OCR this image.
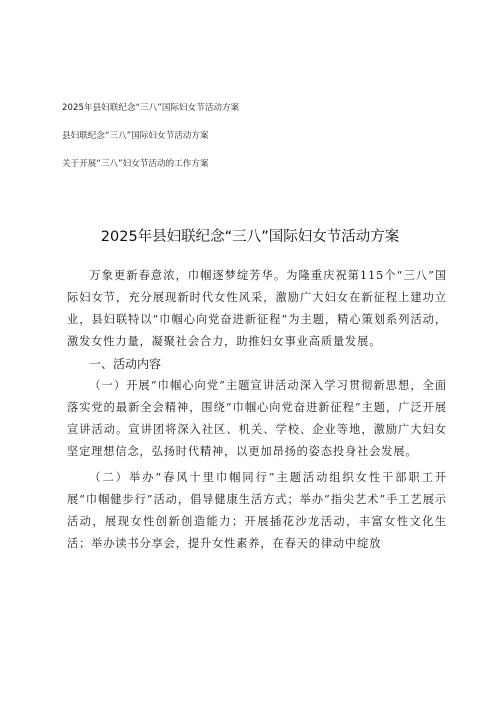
2025年县妇联纪念“三八”国际妇女节活动方案
县妇联纪念“三八”国际妇女节活动方案
关于开展“三八”妇女节活动的工作方案
2025年县妇联纪念“三八”国际妇女节活动方案

万象更新春意浓，巾帼逐梦绽芳华。为隆重庆祝第115个“三八”国际妇女节，充分展现新时代女性风采，激励广大妇女在新征程上建功立业，县妇联特以“巾帼心向党奋进新征程”为主题，精心策划系列活动，激发女性力量，凝聚社会合力，助推妇女事业高质量发展。

一、活动内容

（一）开展“巾帼心向党”主题宣讲活动深入学习贯彻新思想，全面落实党的最新全会精神，围绕“巾帼心向党奋进新征程”主题，广泛开展宣讲活动。宣讲团将深入社区、机关、学校、企业等地，激励广大妇女坚定理想信念，弘扬时代精神，以更加昂扬的姿态投身社会发展。

（二）举办“春风十里巾帼同行”主题活动组织女性干部职工开展“巾帼健步行”活动，倡导健康生活方式；举办“指尖艺术”手工艺展示活动，展现女性创新创造能力；开展插花沙龙活动，丰富女性文化生活；举办读书分享会，提升女性素养，在春天的律动中绽放
